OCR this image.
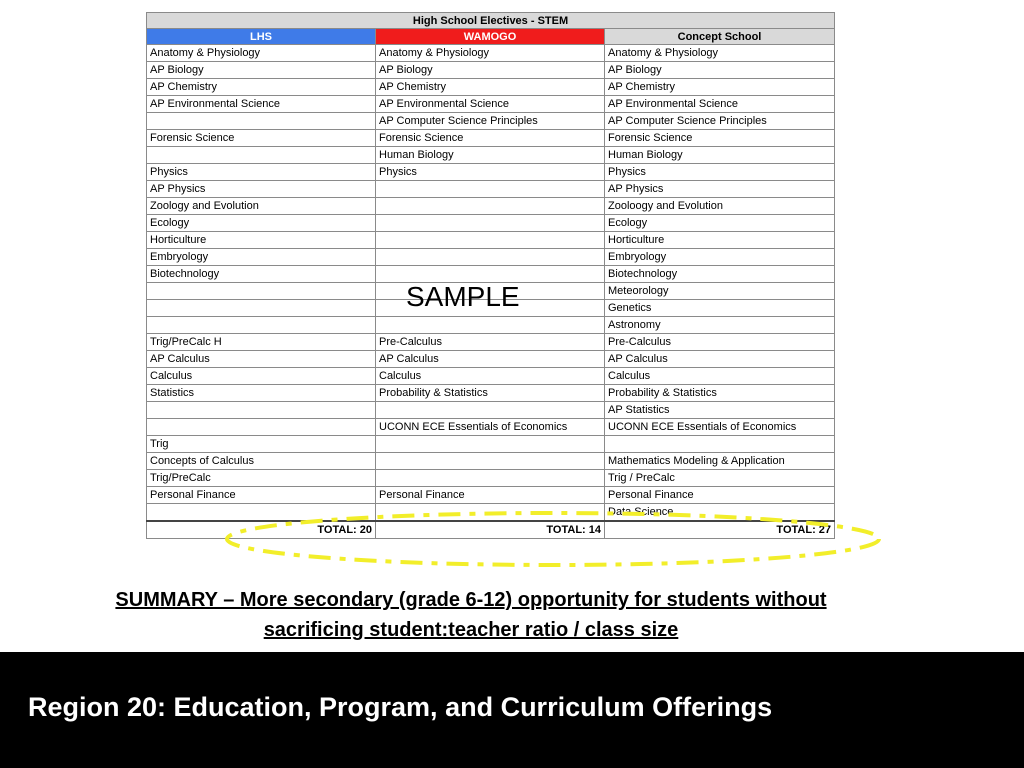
High School Electives - STEM		
LHS	WAMOGO	Concept School
Anatomy & Physiology	Anatomy & Physiology	Anatomy & Physiology
AP Biology	AP Biology	AP Biology
AP Chemistry	AP Chemistry	AP Chemistry
AP Environmental Science	AP Environmental Science	AP Environmental Science
	AP Computer Science Principles	AP Computer Science Principles
Forensic Science	Forensic Science	Forensic Science
	Human Biology	Human Biology
Physics	Physics	Physics
AP Physics		AP Physics
Zoology and Evolution		Zooloogy and Evolution
Ecology		Ecology
Horticulture		Horticulture
Embryology		Embryology
Biotechnology		Biotechnology
		Meteorology
		Genetics
		Astronomy
Trig/PreCalc H	Pre-Calculus	Pre-Calculus
AP Calculus	AP Calculus	AP Calculus
Calculus	Calculus	Calculus
Statistics	Probability & Statistics	Probability & Statistics
		AP Statistics
	UCONN ECE Essentials of Economics	UCONN ECE Essentials of Economics
Trig		
Concepts of Calculus		Mathematics Modeling & Application
Trig/PreCalc		Trig / PreCalc
Personal Finance	Personal Finance	Personal Finance
		Data Science
TOTAL: 20	TOTAL: 14	TOTAL: 27
SAMPLE
SUMMARY – More secondary (grade 6-12) opportunity for students without
sacrificing student:teacher ratio / class size
Region 20: Education, Program, and Curriculum Offerings
